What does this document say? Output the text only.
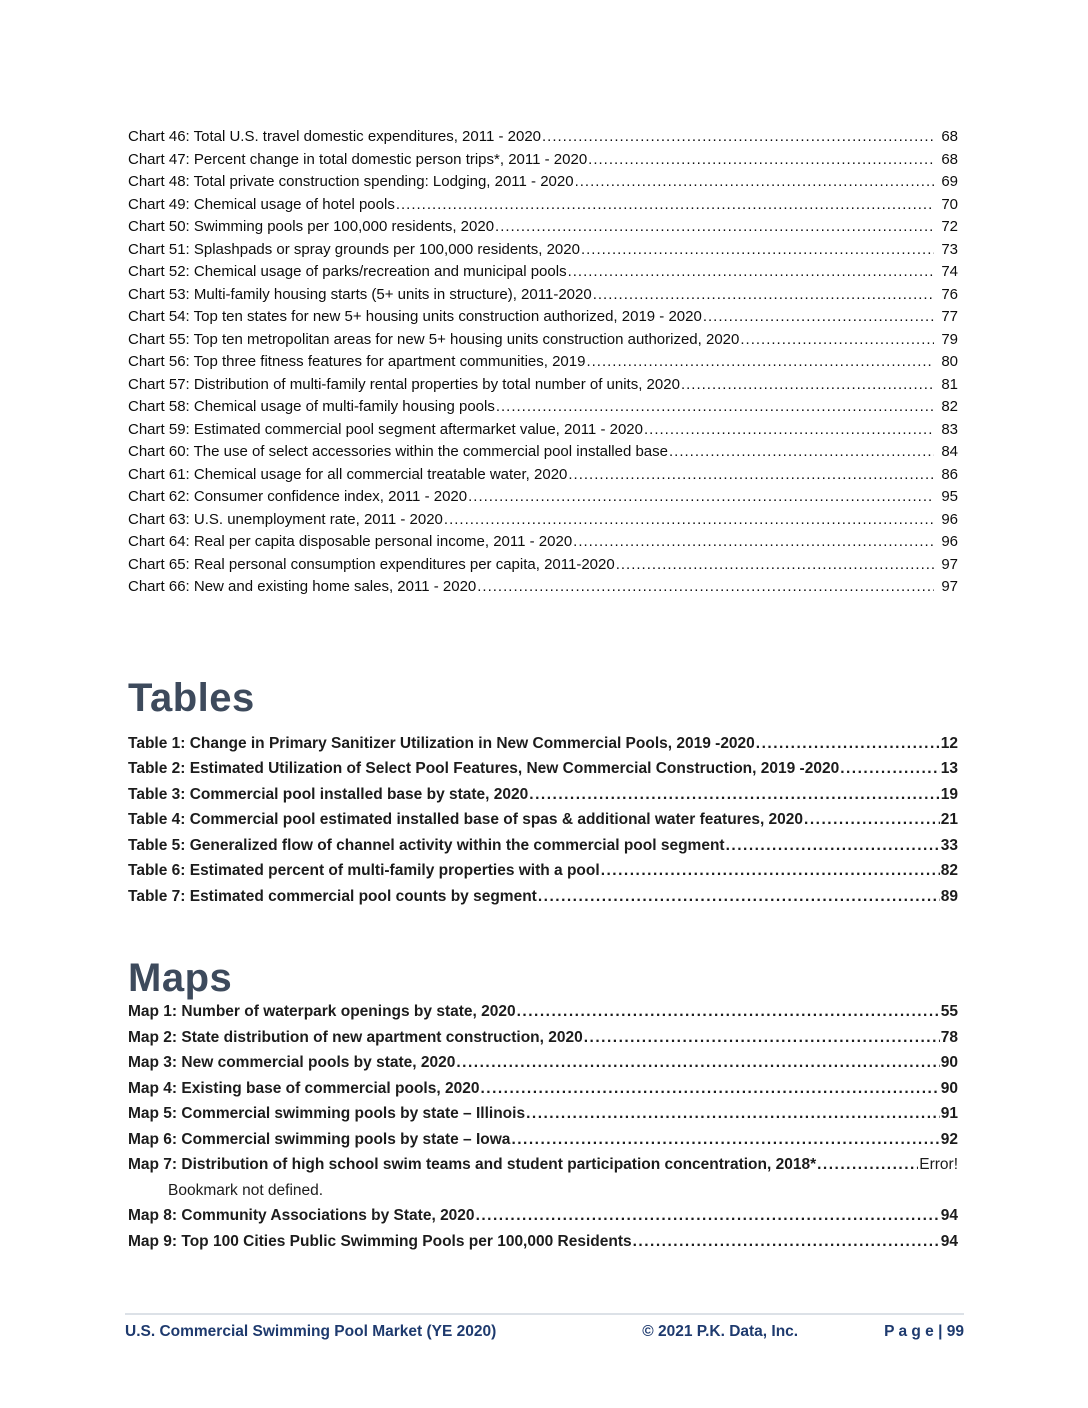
Chart 46: Total U.S. travel domestic expenditures, 2011 - 2020 .....	68
Chart 47: Percent change in total domestic person trips*, 2011 - 2020 .....	68
Chart 48: Total private construction spending: Lodging, 2011 - 2020 .....	69
Chart 49: Chemical usage of hotel pools .....	70
Chart 50: Swimming pools per 100,000 residents, 2020 .....	72
Chart 51: Splashpads or spray grounds per 100,000 residents, 2020 .....	73
Chart 52: Chemical usage of parks/recreation and municipal pools .....	74
Chart 53: Multi-family housing starts (5+ units in structure), 2011-2020 .....	76
Chart 54: Top ten states for new 5+ housing units construction authorized, 2019 - 2020 .....	77
Chart 55: Top ten metropolitan areas for new 5+ housing units construction authorized, 2020 .....	79
Chart 56: Top three fitness features for apartment communities, 2019 .....	80
Chart 57: Distribution of multi-family rental properties by total number of units, 2020 .....	81
Chart 58: Chemical usage of multi-family housing pools .....	82
Chart 59: Estimated commercial pool segment aftermarket value, 2011 - 2020 .....	83
Chart 60: The use of select accessories within the commercial pool installed base .....	84
Chart 61: Chemical usage for all commercial treatable water, 2020 .....	86
Chart 62: Consumer confidence index, 2011 - 2020 .....	95
Chart 63: U.S. unemployment rate, 2011 - 2020 .....	96
Chart 64: Real per capita disposable personal income, 2011 - 2020 .....	96
Chart 65: Real personal consumption expenditures per capita, 2011-2020 .....	97
Chart 66: New and existing home sales, 2011 - 2020 .....	97
Tables
Table 1: Change in Primary Sanitizer Utilization in New Commercial Pools, 2019 -2020 .....	12
Table 2: Estimated Utilization of Select Pool Features, New Commercial Construction, 2019 -2020 .....	13
Table 3: Commercial pool installed base by state, 2020 .....	19
Table 4: Commercial pool estimated installed base of spas & additional water features, 2020 .....	21
Table 5: Generalized flow of channel activity within the commercial pool segment .....	33
Table 6: Estimated percent of multi-family properties with a pool .....	82
Table 7: Estimated commercial pool counts by segment .....	89
Maps
Map 1: Number of waterpark openings by state, 2020 .....	55
Map 2: State distribution of new apartment construction, 2020 .....	78
Map 3: New commercial pools by state, 2020 .....	90
Map 4: Existing base of commercial pools, 2020 .....	90
Map 5: Commercial swimming pools by state – Illinois .....	91
Map 6: Commercial swimming pools by state – Iowa .....	92
Map 7: Distribution of high school swim teams and student participation concentration, 2018* .....	Error!
Bookmark not defined.
Map 8: Community Associations by State, 2020 .....	94
Map 9: Top 100 Cities Public Swimming Pools per 100,000 Residents .....	94
U.S. Commercial Swimming Pool Market (YE 2020)	© 2021 P.K. Data, Inc.	P a g e | 99
